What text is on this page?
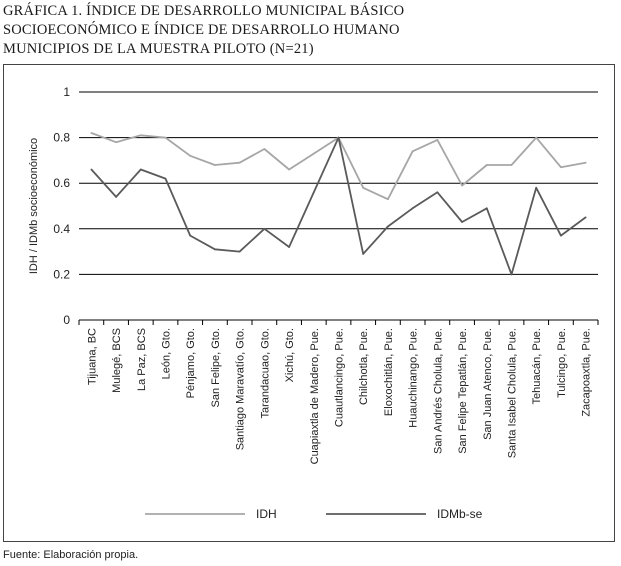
GRÁFICA 1. ÍNDICE DE DESARROLLO MUNICIPAL BÁSICO
SOCIOECONÓMICO E ÍNDICE DE DESARROLLO HUMANO
MUNICIPIOS DE LA MUESTRA PILOTO (N=21)
0
0.2
0.4
0.6
0.8
1
IDH / IDMb socioeconómico
Tijuana, BC Mulegé, BCS La Paz, BCS León, Gto. Pénjamo, Gto. San Felipe, Gto. Santiago Maravatío, Gto. Tarandacuao, Gto. Xichú, Gto. Cuapiaxtla de Madero, Pue. Cuautlancingo, Pue. Chilchotla, Pue. Eloxochitlán, Pue. Huauchinango, Pue. San Andrés Cholula, Pue. San Felipe Tepatlán, Pue. San Juan Atenco, Pue. Santa Isabel Cholula, Pue. Tehuacán, Pue. Tulcingo, Pue. Zacapoaxtla, Pue.
IDH	IDMb-se
Fuente: Elaboración propia.
